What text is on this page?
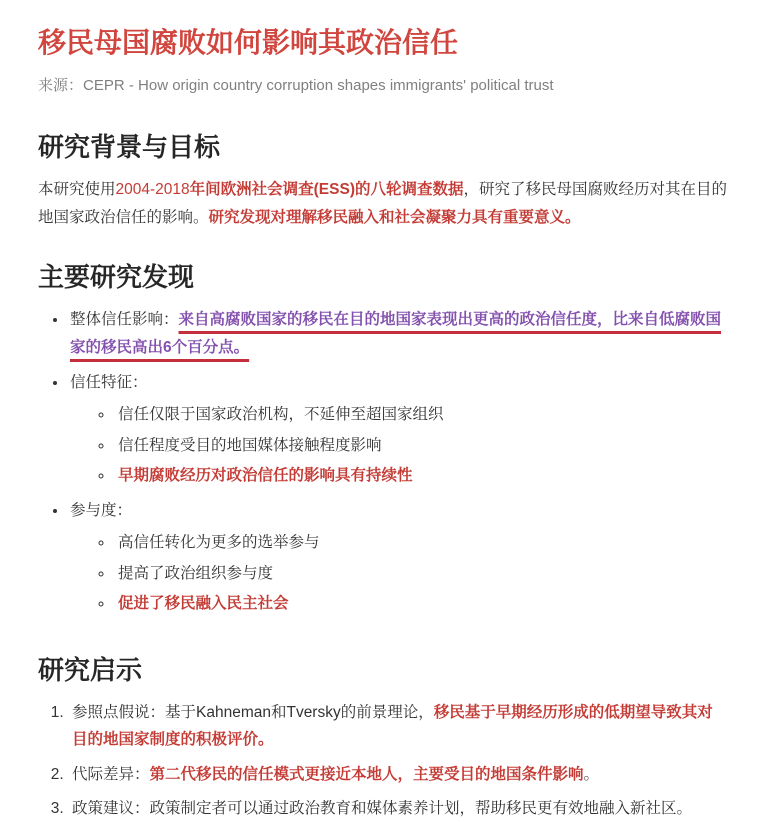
移民母国腐败如何影响其政治信任

来源：CEPR - How origin country corruption shapes immigrants' political trust

研究背景与目标

本研究使用2004-2018年间欧洲社会调查(ESS)的八轮调查数据，研究了移民母国腐败经历对其在目的地国家政治信任的影响。研究发现对理解移民融入和社会凝聚力具有重要意义。

主要研究发现
• 整体信任影响：来自高腐败国家的移民在目的地国家表现出更高的政治信任度，比来自低腐败国家的移民高出6个百分点。
• 信任特征：
◦ 信任仅限于国家政治机构，不延伸至超国家组织
◦ 信任程度受目的地国媒体接触程度影响
◦ 早期腐败经历对政治信任的影响具有持续性
• 参与度：
◦ 高信任转化为更多的选举参与
◦ 提高了政治组织参与度
◦ 促进了移民融入民主社会
研究启示
1. 参照点假说：基于Kahneman和Tversky的前景理论，移民基于早期经历形成的低期望导致其对目的地国家制度的积极评价。
2. 代际差异：第二代移民的信任模式更接近本地人，主要受目的地国条件影响。
3. 政策建议：政策制定者可以通过政治教育和媒体素养计划，帮助移民更有效地融入新社区。
